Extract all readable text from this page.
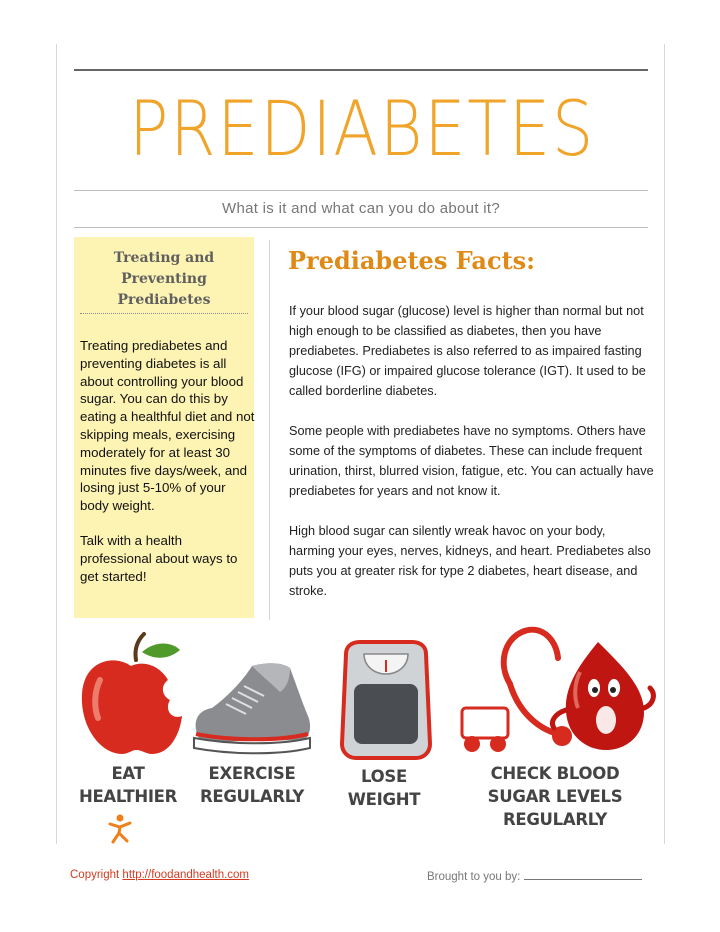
PREDIABETES
What is it and what can you do about it?
Treating and
Preventing
Prediabetes

Treating prediabetes and preventing diabetes is all about controlling your blood sugar. You can do this by eating a healthful diet and not skipping meals, exercising moderately for at least 30 minutes five days/week, and losing just 5-10% of your body weight.

Talk with a health professional about ways to get started!

Prediabetes Facts:

If your blood sugar (glucose) level is higher than normal but not high enough to be classified as diabetes, then you have prediabetes. Prediabetes is also referred to as impaired fasting glucose (IFG) or impaired glucose tolerance (IGT). It used to be called borderline diabetes.

Some people with prediabetes have no symptoms. Others have some of the symptoms of diabetes. These can include frequent urination, thirst, blurred vision, fatigue, etc. You can actually have prediabetes for years and not know it.

High blood sugar can silently wreak havoc on your body, harming your eyes, nerves, kidneys, and heart. Prediabetes also puts you at greater risk for type 2 diabetes, heart disease, and stroke.

EAT
HEALTHIER
EXERCISE
REGULARLY
LOSE
WEIGHT
CHECK BLOOD
SUGAR LEVELS
REGULARLY
Copyright http://foodandhealth.com	Brought to you by:
